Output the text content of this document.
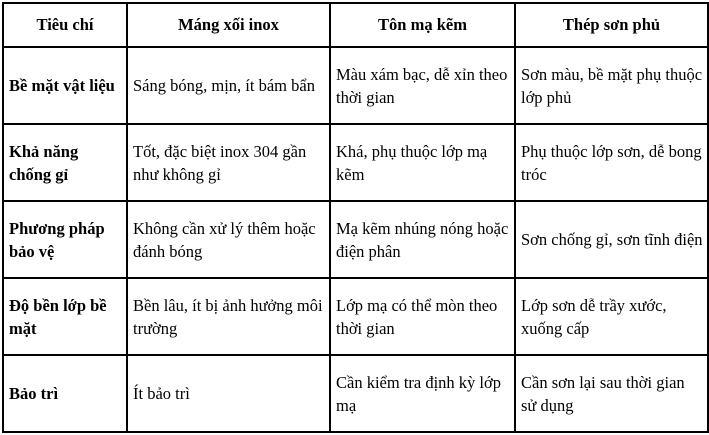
Tiêu chí	Máng xối inox	Tôn mạ kẽm	Thép sơn phủ
Bề mặt vật liệu	Sáng bóng, mịn, ít bám bẩn	Màu xám bạc, dễ xỉn theo thời gian	Sơn màu, bề mặt phụ thuộc lớp phủ
Khả năng chống gỉ	Tốt, đặc biệt inox 304 gần như không gỉ	Khá, phụ thuộc lớp mạ kẽm	Phụ thuộc lớp sơn, dễ bong tróc
Phương pháp bảo vệ	Không cần xử lý thêm hoặc đánh bóng	Mạ kẽm nhúng nóng hoặc điện phân	Sơn chống gỉ, sơn tĩnh điện
Độ bền lớp bề mặt	Bền lâu, ít bị ảnh hưởng môi trường	Lớp mạ có thể mòn theo thời gian	Lớp sơn dễ trầy xước, xuống cấp
Bảo trì	Ít bảo trì	Cần kiểm tra định kỳ lớp mạ	Cần sơn lại sau thời gian sử dụng
